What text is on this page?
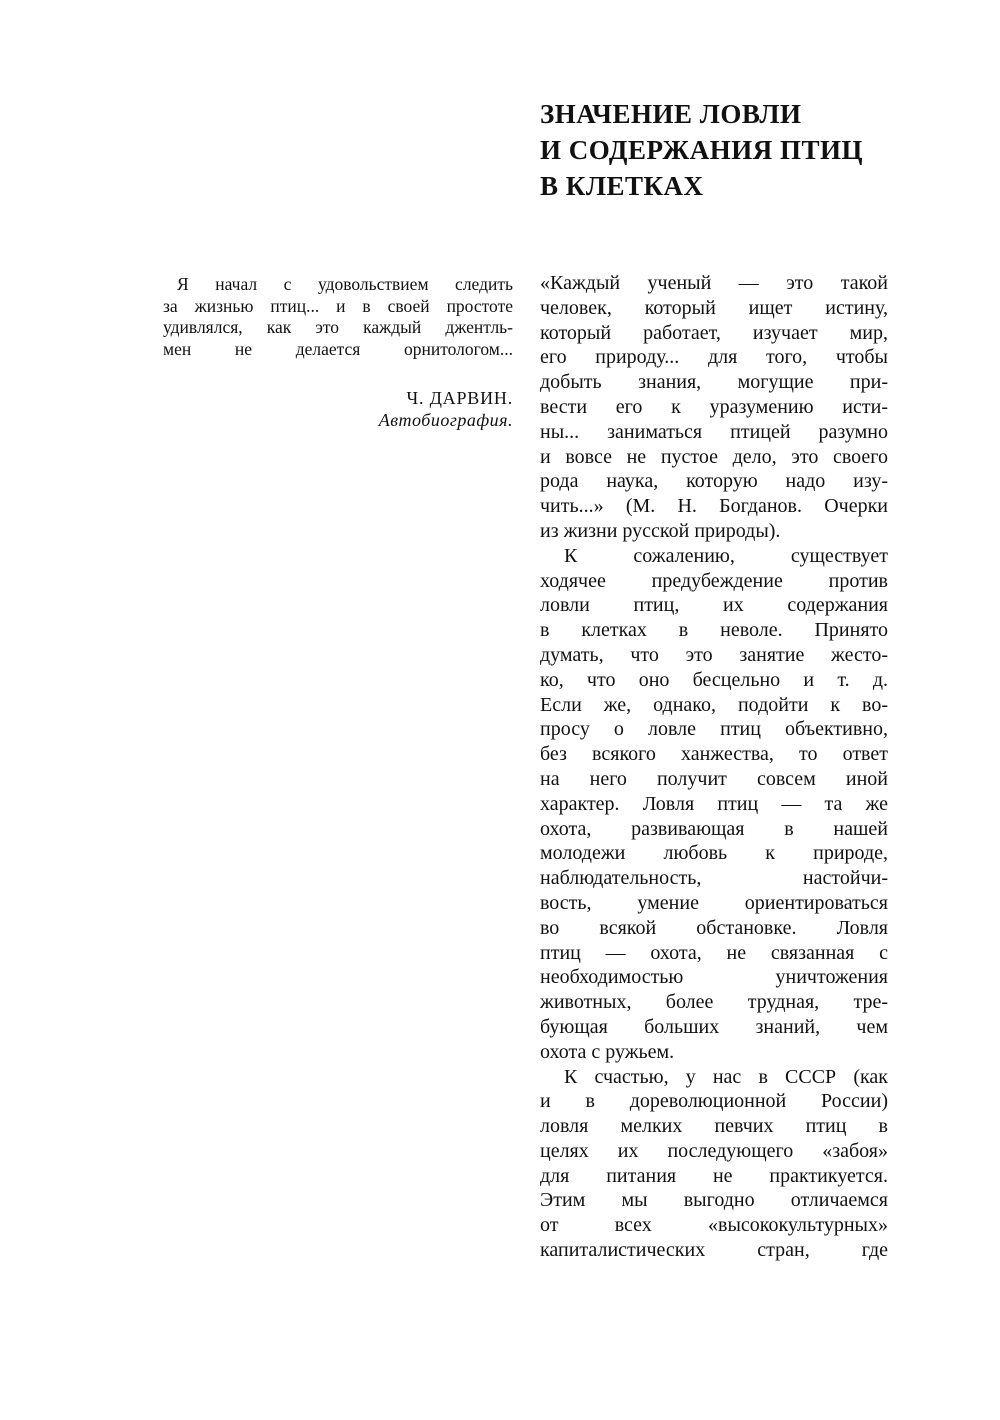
ЗНАЧЕНИЕ ЛОВЛИ
И СОДЕРЖАНИЯ ПТИЦ
В КЛЕТКАХ
Я начал с удовольствием следить
за жизнью птиц... и в своей простоте
удивлялся, как это каждый джентль-
мен не делается орнитологом...
Ч. ДАРВИН.
Автобиография.
«Каждый ученый — это такой
человек, который ищет истину,
который работает, изучает мир,
его природу... для того, чтобы
добыть знания, могущие при-
вести его к уразумению исти-
ны... заниматься птицей разумно
и вовсе не пустое дело, это своего
рода наука, которую надо изу-
чить...» (М. Н. Богданов. Очерки
из жизни русской природы).
К сожалению, существует
ходячее предубеждение против
ловли птиц, их содержания
в клетках в неволе. Принято
думать, что это занятие жесто-
ко, что оно бесцельно и т. д.
Если же, однако, подойти к во-
просу о ловле птиц объективно,
без всякого ханжества, то ответ
на него получит совсем иной
характер. Ловля птиц — та же
охота, развивающая в нашей
молодежи любовь к природе,
наблюдательность, настойчи-
вость, умение ориентироваться
во всякой обстановке. Ловля
птиц — охота, не связанная с
необходимостью уничтожения
животных, более трудная, тре-
бующая больших знаний, чем
охота с ружьем.
К счастью, у нас в СССР (как
и в дореволюционной России)
ловля мелких певчих птиц в
целях их последующего «забоя»
для питания не практикуется.
Этим мы выгодно отличаемся
от всех «высококультурных»
капиталистических стран, где
